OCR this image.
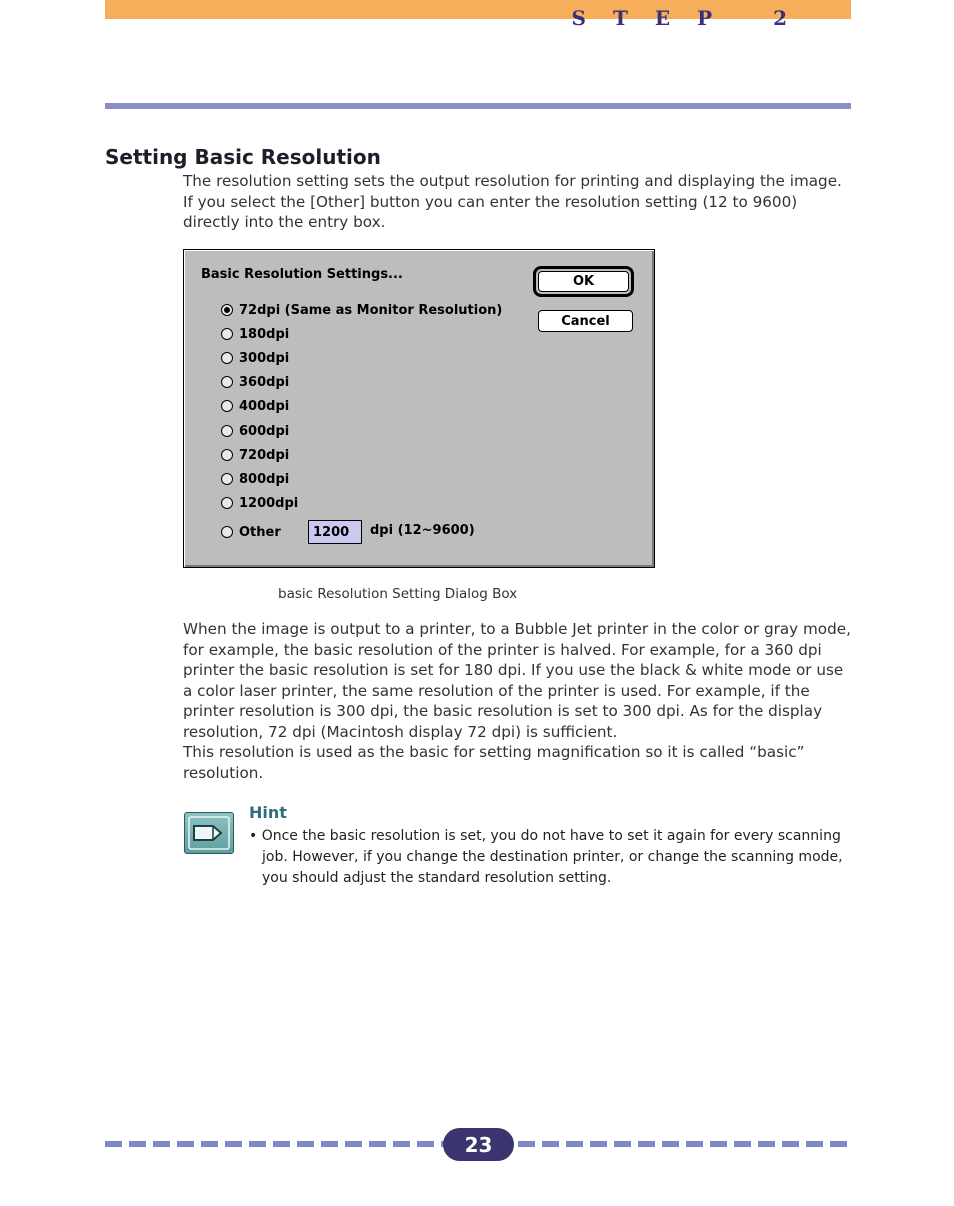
STEP 2
Setting Basic Resolution
The resolution setting sets the output resolution for printing and displaying the image. If you select the [Other] button you can enter the resolution setting (12 to 9600) directly into the entry box.
Basic Resolution Settings...	OK
Cancel
72dpi (Same as Monitor Resolution)
180dpi
300dpi
360dpi
400dpi
600dpi
720dpi
800dpi
1200dpi
Other	1200	dpi (12~9600)
basic Resolution Setting Dialog Box
When the image is output to a printer, to a Bubble Jet printer in the color or gray mode, for example, the basic resolution of the printer is halved. For example, for a 360 dpi printer the basic resolution is set for 180 dpi. If you use the black & white mode or use a color laser printer, the same resolution of the printer is used. For example, if the printer resolution is 300 dpi, the basic resolution is set to 300 dpi. As for the display resolution, 72 dpi (Macintosh display 72 dpi) is sufficient.
This resolution is used as the basic for setting magnification so it is called “basic” resolution.
Hint
• Once the basic resolution is set, you do not have to set it again for every scanning job. However, if you change the destination printer, or change the scanning mode, you should adjust the standard resolution setting.
23
